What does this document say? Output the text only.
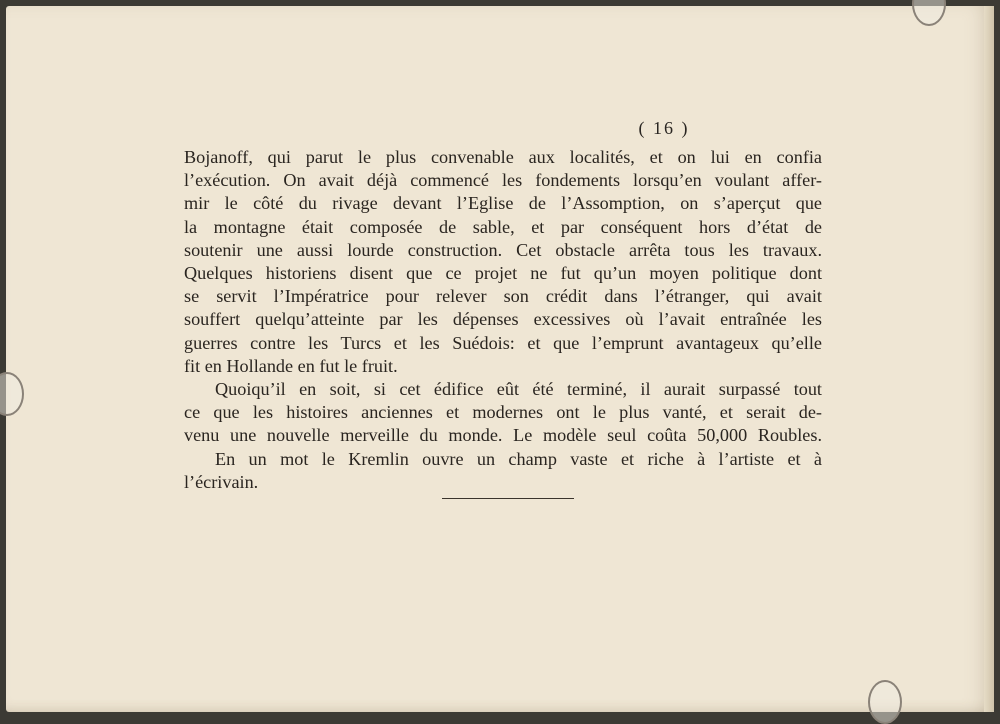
( 16 )
Bojanoff, qui parut le plus convenable aux localités, et on lui en confia
l’exécution. On avait déjà commencé les fondements lorsqu’en voulant affer-
mir le côté du rivage devant l’Eglise de l’Assomption, on s’aperçut que
la montagne était composée de sable, et par conséquent hors d’état de
soutenir une aussi lourde construction. Cet obstacle arrêta tous les travaux.
Quelques historiens disent que ce projet ne fut qu’un moyen politique dont
se servit l’Impératrice pour relever son crédit dans l’étranger, qui avait
souffert quelqu’atteinte par les dépenses excessives où l’avait entraînée les
guerres contre les Turcs et les Suédois: et que l’emprunt avantageux qu’elle
fit en Hollande en fut le fruit.
Quoiqu’il en soit, si cet édifice eût été terminé, il aurait surpassé tout
ce que les histoires anciennes et modernes ont le plus vanté, et serait de-
venu une nouvelle merveille du monde. Le modèle seul coûta 50,000 Roubles.
En un mot le Kremlin ouvre un champ vaste et riche à l’artiste et à
l’écrivain.
